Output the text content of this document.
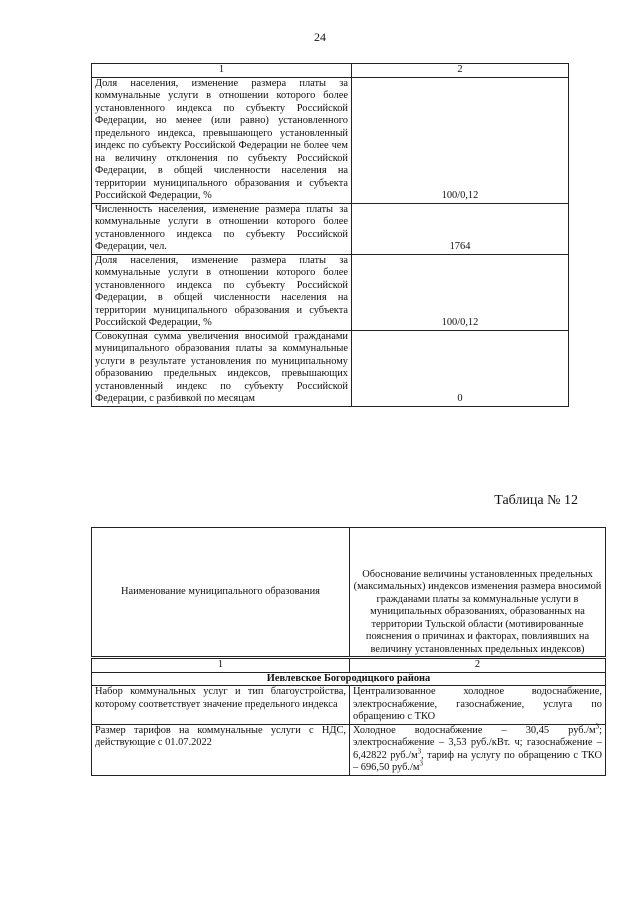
24
1	2
Доля населения, изменение размера платы за коммунальные услуги в отношении которого более установленного индекса по субъекту Российской Федерации, но менее (или равно) установленного предельного индекса, превышающего установленный индекс по субъекту Российской Федерации не более чем на величину отклонения по субъекту Российской Федерации, в общей численности населения на территории муниципального образования и субъекта Российской Федерации, %	100/0,12
Численность населения, изменение размера платы за коммунальные услуги в отношении которого более установленного индекса по субъекту Российской Федерации, чел.	1764
Доля населения, изменение размера платы за коммунальные услуги в отношении которого более установленного индекса по субъекту Российской Федерации, в общей численности населения на территории муниципального образования и субъекта Российской Федерации, %	100/0,12
Совокупная сумма увеличения вносимой гражданами муниципального образования платы за коммунальные услуги в результате установления по муниципальному образованию предельных индексов, превышающих установленный индекс по субъекту Российской Федерации, с разбивкой по месяцам	0
Таблица № 12
Наименование муниципального образования	Обоснование величины установленных предельных (максимальных) индексов изменения размера вносимой гражданами платы за коммунальные услуги в муниципальных образованиях, образованных на территории Тульской области (мотивированные пояснения о причинах и факторах, повлиявших на величину установленных предельных индексов)
1	2
Иевлевское Богородицкого района	
Набор коммунальных услуг и тип благоустройства, которому соответствует значение предельного индекса	Централизованное холодное водоснабжение, электроснабжение, газоснабжение, услуга по обращению с ТКО
Размер тарифов на коммунальные услуги с НДС, действующие с 01.07.2022	Холодное водоснабжение – 30,45 $руб./м^3$; электроснабжение – 3,53 руб./кВт. ч; газоснабжение – 6,42822 $руб./м^3$, тариф на услугу по обращению с ТКО – 696,50 $руб./м^3$
